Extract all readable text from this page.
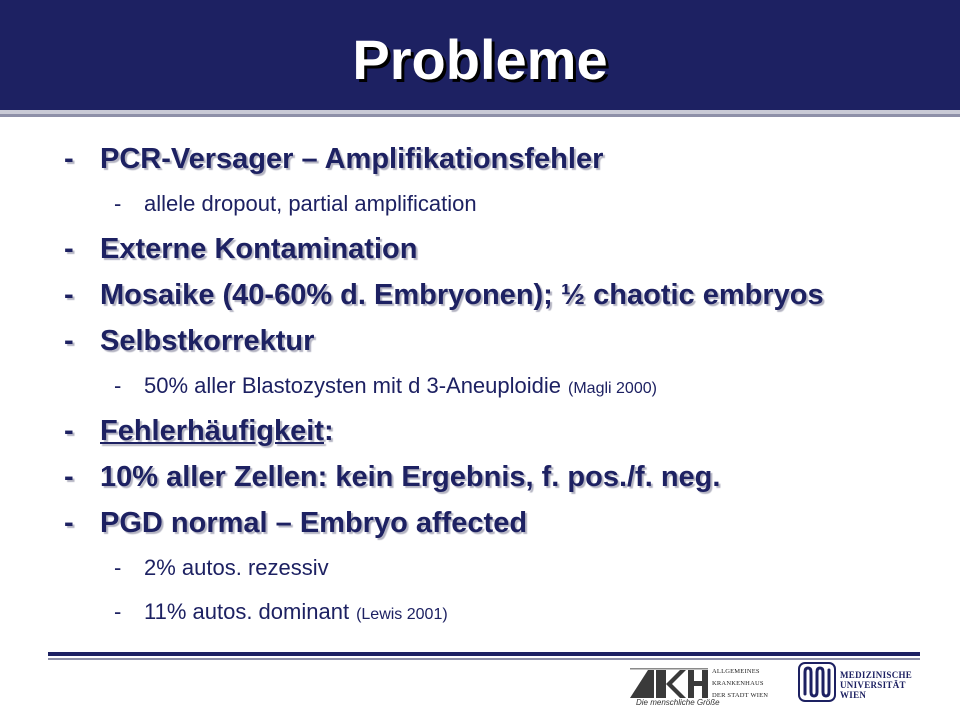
Probleme
- PCR-Versager – Amplifikationsfehler
-	allele dropout, partial amplification
- Externe Kontamination
- Mosaike (40-60% d. Embryonen); ½ chaotic embryos
- Selbstkorrektur
-	50% aller Blastozysten mit d 3-Aneuploidie (Magli 2000)
- Fehlerhäufigkeit :
- 10% aller Zellen: kein Ergebnis, f. pos./f. neg.
- PGD normal – Embryo affected
-	2% autos. rezessiv
-	11% autos. dominant (Lewis 2001)
ALLGEMEINES
KRANKENHAUS
DER STADT WIEN
Die menschliche Größe
MEDIZINISCHE
UNIVERSITÄT
WIEN
